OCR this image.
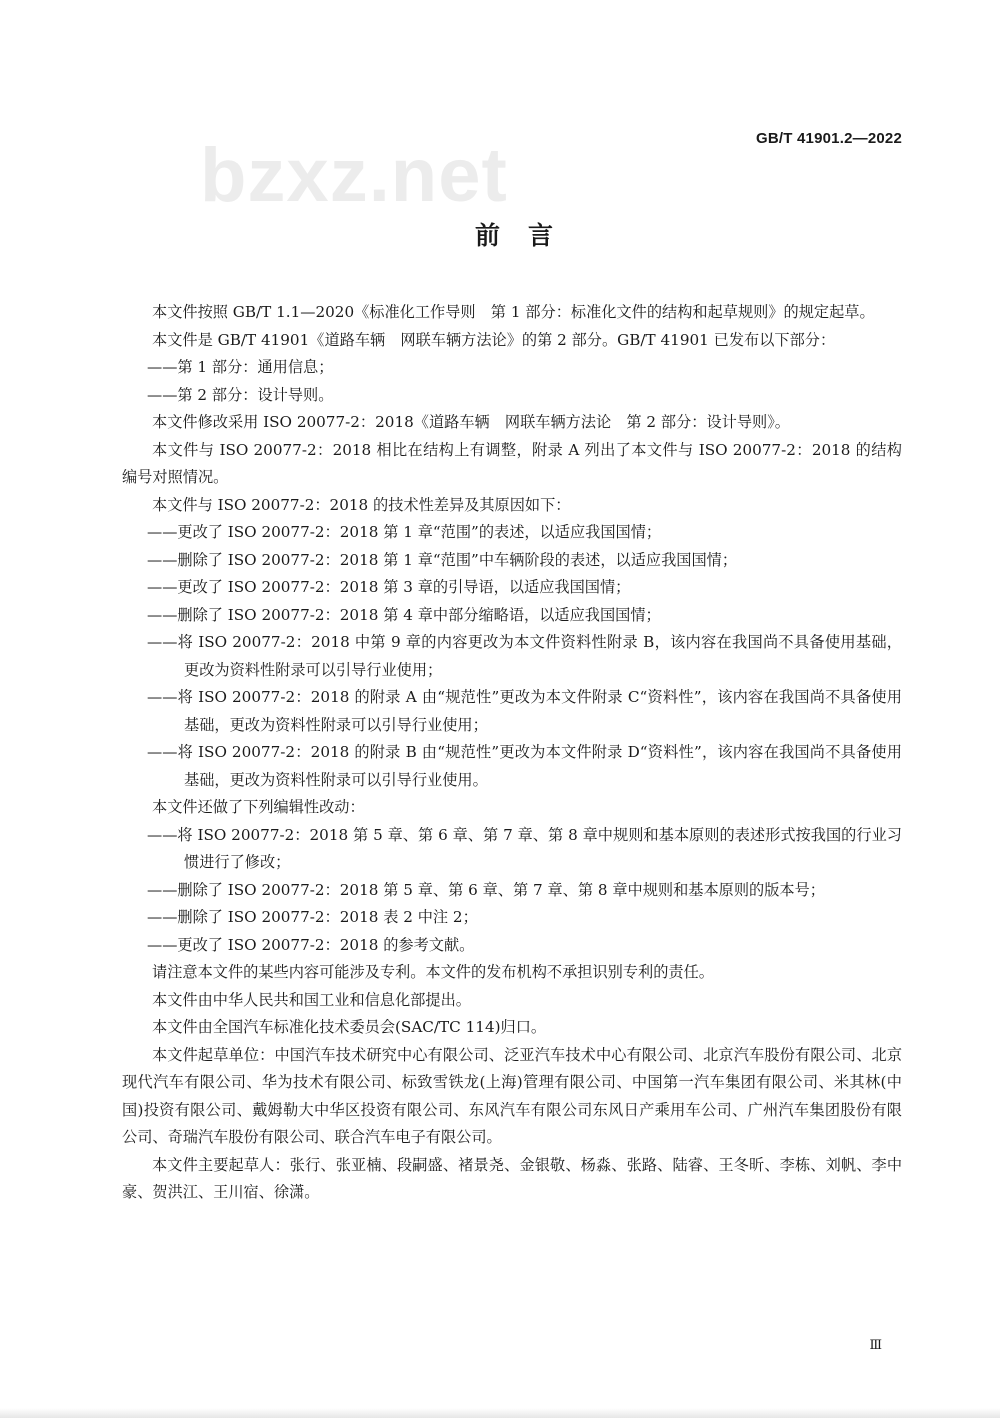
GB/T 41901.2—2022
bzxz.net
前言

本文件按照 GB/T 1.1—2020《标准化工作导则　第 1 部分：标准化文件的结构和起草规则》的规定起草。

本文件是 GB/T 41901《道路车辆　网联车辆方法论》的第 2 部分。GB/T 41901 已发布以下部分：

——第 1 部分：通用信息；

——第 2 部分：设计导则。

本文件修改采用 ISO 20077-2：2018《道路车辆　网联车辆方法论　第 2 部分：设计导则》。

本文件与 ISO 20077-2：2018 相比在结构上有调整，附录 A 列出了本文件与 ISO 20077-2：2018 的结构编号对照情况。

本文件与 ISO 20077-2：2018 的技术性差异及其原因如下：

——更改了 ISO 20077-2：2018 第 1 章“范围”的表述，以适应我国国情；

——删除了 ISO 20077-2：2018 第 1 章“范围”中车辆阶段的表述，以适应我国国情；

——更改了 ISO 20077-2：2018 第 3 章的引导语，以适应我国国情；

——删除了 ISO 20077-2：2018 第 4 章中部分缩略语，以适应我国国情；

——将 ISO 20077-2：2018 中第 9 章的内容更改为本文件资料性附录 B，该内容在我国尚不具备使用基础，更改为资料性附录可以引导行业使用；

——将 ISO 20077-2：2018 的附录 A 由“规范性”更改为本文件附录 C“资料性”，该内容在我国尚不具备使用基础，更改为资料性附录可以引导行业使用；

——将 ISO 20077-2：2018 的附录 B 由“规范性”更改为本文件附录 D“资料性”，该内容在我国尚不具备使用基础，更改为资料性附录可以引导行业使用。

本文件还做了下列编辑性改动：

——将 ISO 20077-2：2018 第 5 章、第 6 章、第 7 章、第 8 章中规则和基本原则的表述形式按我国的行业习惯进行了修改；

——删除了 ISO 20077-2：2018 第 5 章、第 6 章、第 7 章、第 8 章中规则和基本原则的版本号；

——删除了 ISO 20077-2：2018 表 2 中注 2；

——更改了 ISO 20077-2：2018 的参考文献。

请注意本文件的某些内容可能涉及专利。本文件的发布机构不承担识别专利的责任。

本文件由中华人民共和国工业和信息化部提出。

本文件由全国汽车标准化技术委员会(SAC/TC 114)归口。

本文件起草单位：中国汽车技术研究中心有限公司、泛亚汽车技术中心有限公司、北京汽车股份有限公司、北京现代汽车有限公司、华为技术有限公司、标致雪铁龙(上海)管理有限公司、中国第一汽车集团有限公司、米其林(中国)投资有限公司、戴姆勒大中华区投资有限公司、东风汽车有限公司东风日产乘用车公司、广州汽车集团股份有限公司、奇瑞汽车股份有限公司、联合汽车电子有限公司。

本文件主要起草人：张行、张亚楠、段嗣盛、褚景尧、金银敬、杨淼、张路、陆睿、王冬昕、李栋、刘帆、李中豪、贺洪江、王川宿、徐潇。

Ⅲ
